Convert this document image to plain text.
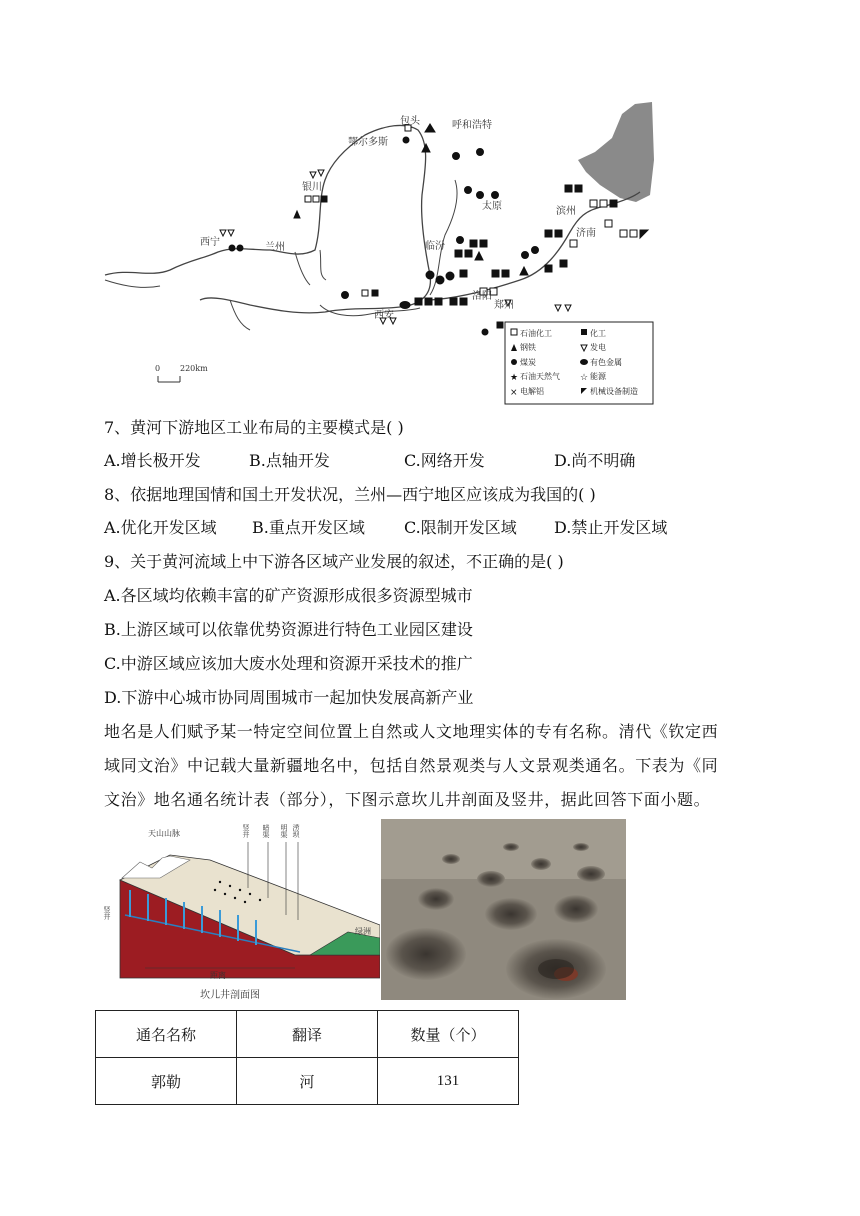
石油化工	化工
钢铁	发电
煤炭	有色金属
★ 石油天然气 ☆ 能源
× 电解铝	机械设备制造
包头	呼和浩特
鄂尔多斯
银川
太原
西宁	兰州	临汾
洛阳
郑州
西安
滨州
济南
0 220km
7、黄河下游地区工业布局的主要模式是( )
A.增长极开发	B.点轴开发	C.网络开发	D.尚不明确
8、依据地理国情和国土开发状况，兰州—西宁地区应该成为我国的( )
A.优化开发区域 B.重点开发区域 C.限制开发区域 D.禁止开发区域
9、关于黄河流域上中下游各区域产业发展的叙述，不正确的是( )
A.各区域均依赖丰富的矿产资源形成很多资源型城市
B.上游区域可以依靠优势资源进行特色工业园区建设
C.中游区域应该加大废水处理和资源开采技术的推广
D.下游中心城市协同周围城市一起加快发展高新产业
地名是人们赋予某一特定空间位置上自然或人文地理实体的专有名称。清代《钦定西
域同文治》中记载大量新疆地名中，包括自然景观类与人文景观类通名。下表为《同
文治》地名通名统计表（部分），下图示意坎儿井剖面及竖井，据此回答下面小题。
天山山脉	竖井 暗渠 明渠 涝坝
绿洲
竖井
距离
坎儿井剖面图
通名名称	翻译	数量（个）
郭勒	河	131
